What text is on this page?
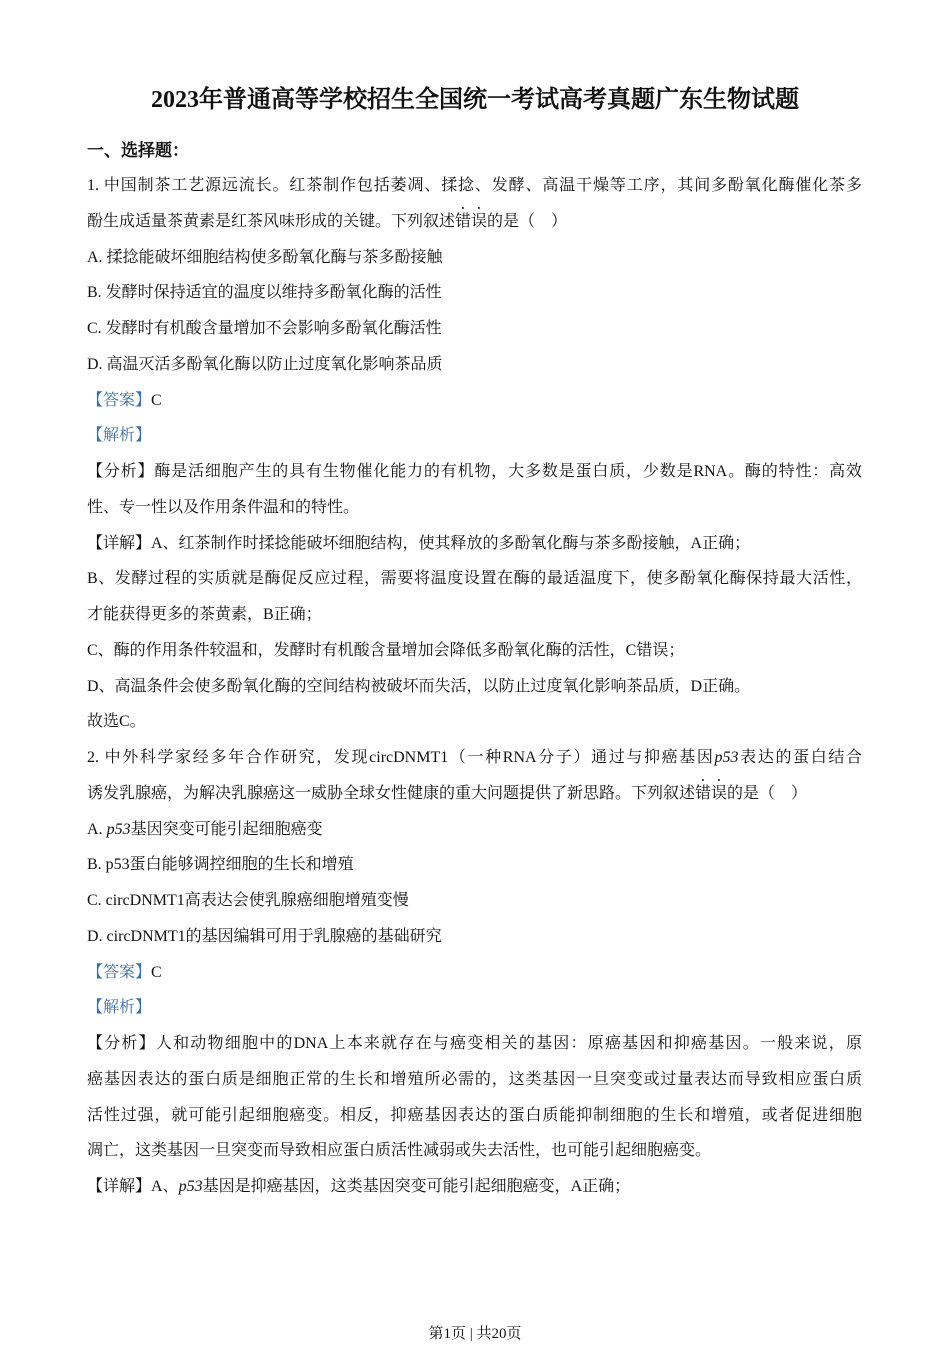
2023年普通高等学校招生全国统一考试高考真题广东生物试题
一、选择题：
1. 中国制茶工艺源远流长。红茶制作包括萎凋、揉捻、发酵、高温干燥等工序，其间多酚氧化酶催化茶多
酚生成适量茶黄素是红茶风味形成的关键。下列叙述错误的是（　）
A. 揉捻能破坏细胞结构使多酚氧化酶与茶多酚接触
B. 发酵时保持适宜的温度以维持多酚氧化酶的活性
C. 发酵时有机酸含量增加不会影响多酚氧化酶活性
D. 高温灭活多酚氧化酶以防止过度氧化影响茶品质
【答案】C
【解析】
【分析】酶是活细胞产生的具有生物催化能力的有机物，大多数是蛋白质，少数是RNA。酶的特性：高效
性、专一性以及作用条件温和的特性。
【详解】A、红茶制作时揉捻能破坏细胞结构，使其释放的多酚氧化酶与茶多酚接触，A正确；
B、发酵过程的实质就是酶促反应过程，需要将温度设置在酶的最适温度下，使多酚氧化酶保持最大活性，
才能获得更多的茶黄素，B正确；
C、酶的作用条件较温和，发酵时有机酸含量增加会降低多酚氧化酶的活性，C错误；
D、高温条件会使多酚氧化酶的空间结构被破坏而失活，以防止过度氧化影响茶品质，D正确。
故选C。
2. 中外科学家经多年合作研究，发现circDNMT1（一种RNA分子）通过与抑癌基因p53表达的蛋白结合
诱发乳腺癌，为解决乳腺癌这一威胁全球女性健康的重大问题提供了新思路。下列叙述错误的是（　）
A. p53基因突变可能引起细胞癌变
B. p53蛋白能够调控细胞的生长和增殖
C. circDNMT1高表达会使乳腺癌细胞增殖变慢
D. circDNMT1的基因编辑可用于乳腺癌的基础研究
【答案】C
【解析】
【分析】人和动物细胞中的DNA上本来就存在与癌变相关的基因：原癌基因和抑癌基因。一般来说，原
癌基因表达的蛋白质是细胞正常的生长和增殖所必需的，这类基因一旦突变或过量表达而导致相应蛋白质
活性过强，就可能引起细胞癌变。相反，抑癌基因表达的蛋白质能抑制细胞的生长和增殖，或者促进细胞
凋亡，这类基因一旦突变而导致相应蛋白质活性减弱或失去活性，也可能引起细胞癌变。
【详解】A、p53基因是抑癌基因，这类基因突变可能引起细胞癌变，A正确；
第1页 | 共20页
